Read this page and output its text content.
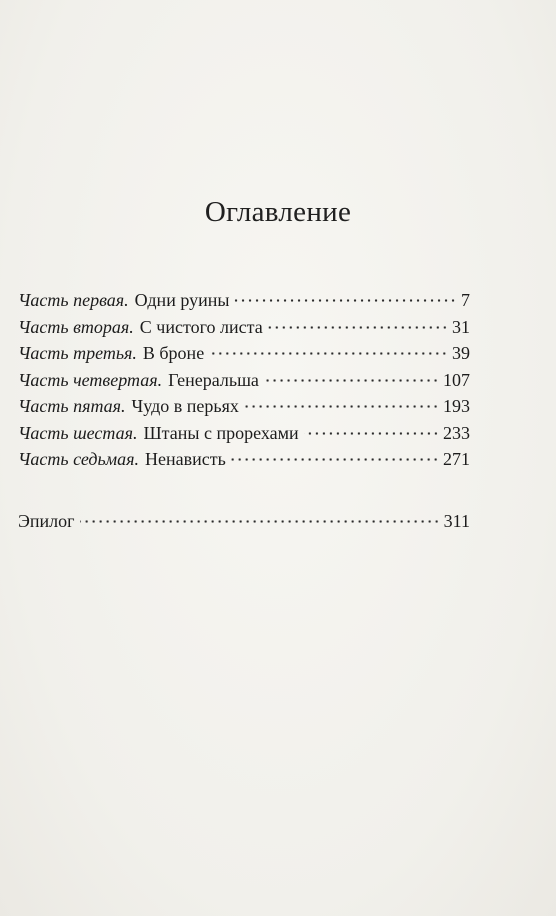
Оглавление
Часть первая. Одни руины	7
Часть вторая. С чистого листа	31
Часть третья. В броне	39
Часть четвертая. Генеральша	107
Часть пятая. Чудо в перьях	193
Часть шестая. Штаны с прорехами	233
Часть седьмая. Ненависть	271
Эпилог	311
